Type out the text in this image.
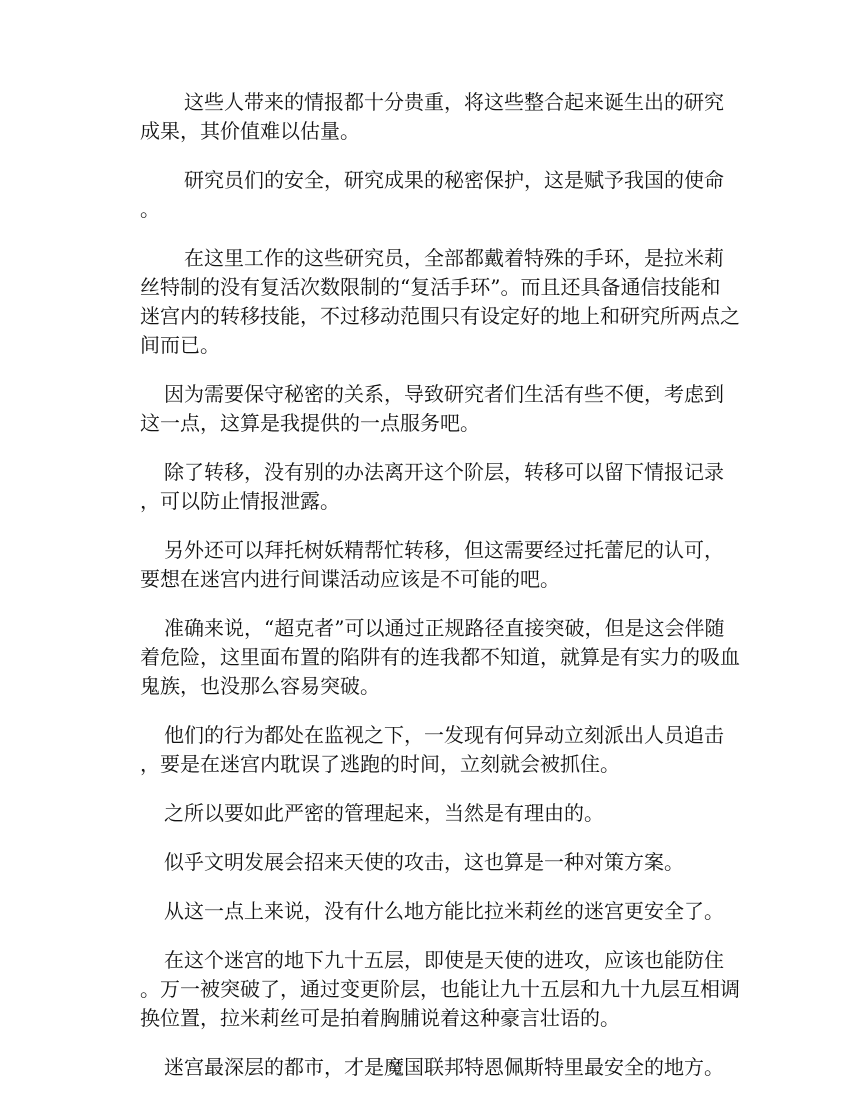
这些人带来的情报都十分贵重，将这些整合起来诞生出的研究成果，其价值难以估量。

研究员们的安全，研究成果的秘密保护，这是赋予我国的使命。

在这里工作的这些研究员，全部都戴着特殊的手环，是拉米莉丝特制的没有复活次数限制的“复活手环”。而且还具备通信技能和迷宫内的转移技能，不过移动范围只有设定好的地上和研究所两点之间而已。

因为需要保守秘密的关系，导致研究者们生活有些不便，考虑到这一点，这算是我提供的一点服务吧。

除了转移，没有别的办法离开这个阶层，转移可以留下情报记录，可以防止情报泄露。

另外还可以拜托树妖精帮忙转移，但这需要经过托蕾尼的认可，要想在迷宫内进行间谍活动应该是不可能的吧。

准确来说，“超克者”可以通过正规路径直接突破，但是这会伴随着危险，这里面布置的陷阱有的连我都不知道，就算是有实力的吸血鬼族，也没那么容易突破。

他们的行为都处在监视之下，一发现有何异动立刻派出人员追击，要是在迷宫内耽误了逃跑的时间，立刻就会被抓住。

之所以要如此严密的管理起来，当然是有理由的。

似乎文明发展会招来天使的攻击，这也算是一种对策方案。

从这一点上来说，没有什么地方能比拉米莉丝的迷宫更安全了。

在这个迷宫的地下九十五层，即使是天使的进攻，应该也能防住。万一被突破了，通过变更阶层，也能让九十五层和九十九层互相调换位置，拉米莉丝可是拍着胸脯说着这种豪言壮语的。

迷宫最深层的都市，才是魔国联邦特恩佩斯特里最安全的地方。
